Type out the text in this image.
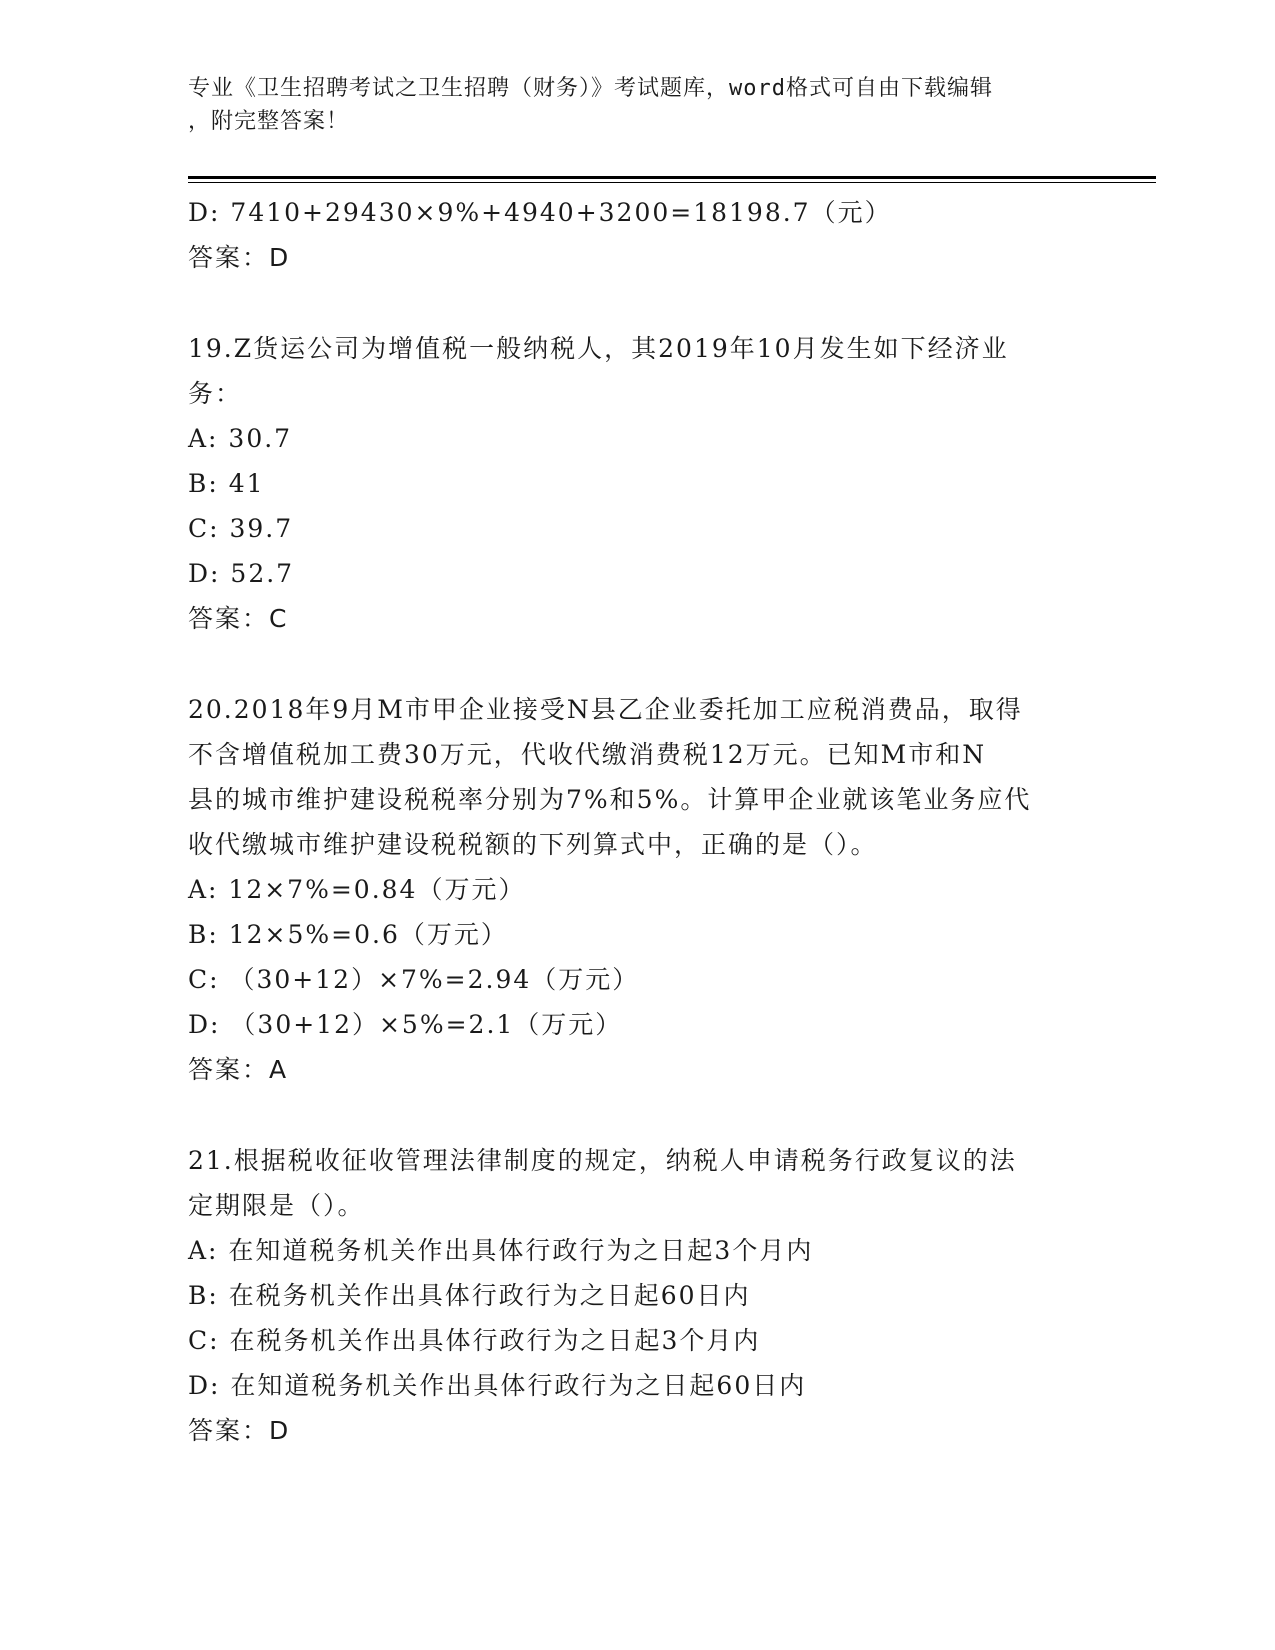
专业《卫生招聘考试之卫生招聘（财务）》考试题库，word格式可自由下载编辑
，附完整答案！
D: 7410+29430×9%+4940+3200=18198.7（元）
答案：D
19.Z货运公司为增值税一般纳税人，其2019年10月发生如下经济业
务：
A: 30.7
B: 41
C: 39.7
D: 52.7
答案：C
20.2018年9月M市甲企业接受N县乙企业委托加工应税消费品，取得
不含增值税加工费30万元，代收代缴消费税12万元。已知M市和N
县的城市维护建设税税率分别为7%和5%。计算甲企业就该笔业务应代
收代缴城市维护建设税税额的下列算式中，正确的是（）。
A: 12×7%=0.84（万元）
B: 12×5%=0.6（万元）
C: （30+12）×7%=2.94（万元）
D: （30+12）×5%=2.1（万元）
答案：A
21.根据税收征收管理法律制度的规定，纳税人申请税务行政复议的法
定期限是（）。
A: 在知道税务机关作出具体行政行为之日起3个月内
B: 在税务机关作出具体行政行为之日起60日内
C: 在税务机关作出具体行政行为之日起3个月内
D: 在知道税务机关作出具体行政行为之日起60日内
答案：D
